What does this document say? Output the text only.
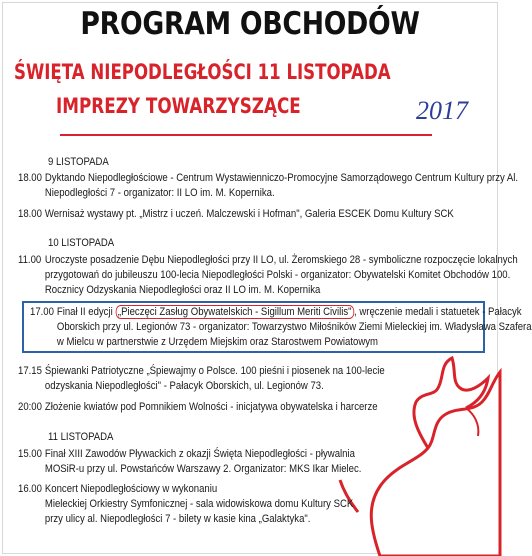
PROGRAM OBCHODÓW
ŚWIĘTA NIEPODLEGŁOŚCI 11 LISTOPADA
IMPREZY TOWARZYSZĄCE	2017
9 LISTOPADA
18.00 Dyktando Niepodległościowe - Centrum Wystawienniczo-Promocyjne Samorządowego Centrum Kultury przy Al.
Niepodległości 7 - organizator: II LO im. M. Kopernika.
18.00 Wernisaż wystawy pt. „Mistrz i uczeń. Malczewski i Hofman", Galeria ESCEK Domu Kultury SCK
10 LISTOPADA
11.00 Uroczyste posadzenie Dębu Niepodległości przy II LO, ul. Żeromskiego 28 - symboliczne rozpoczęcie lokalnych
przygotowań do jubileuszu 100-lecia Niepodległości Polski - organizator: Obywatelski Komitet Obchodów 100.
Rocznicy Odzyskania Niepodległości oraz II LO im. M. Kopernika
17.00 Finał II edycji „Pieczęci Zasług Obywatelskich - Sigillum Meriti Civilis" , wręczenie medali i statuetek - Pałacyk
Oborskich przy ul. Legionów 73 - organizator: Towarzystwo Miłośników Ziemi Mieleckiej im. Władysława Szafera
w Mielcu w partnerstwie z Urzędem Miejskim oraz Starostwem Powiatowym
17.15 Śpiewanki Patriotyczne „Śpiewajmy o Polsce. 100 pieśni i piosenek na 100-lecie
odzyskania Niepodległości" - Pałacyk Oborskich, ul. Legionów 73.
20:00 Złożenie kwiatów pod Pomnikiem Wolności - inicjatywa obywatelska i harcerze
11 LISTOPADA
15.00 Finał XIII Zawodów Pływackich z okazji Święta Niepodległości - pływalnia
MOSiR-u przy ul. Powstańców Warszawy 2. Organizator: MKS Ikar Mielec.
16.00 Koncert Niepodległościowy w wykonaniu
Mieleckiej Orkiestry Symfonicznej - sala widowiskowa domu Kultury SCK
przy ulicy al. Niepodległości 7 - bilety w kasie kina „Galaktyka".
